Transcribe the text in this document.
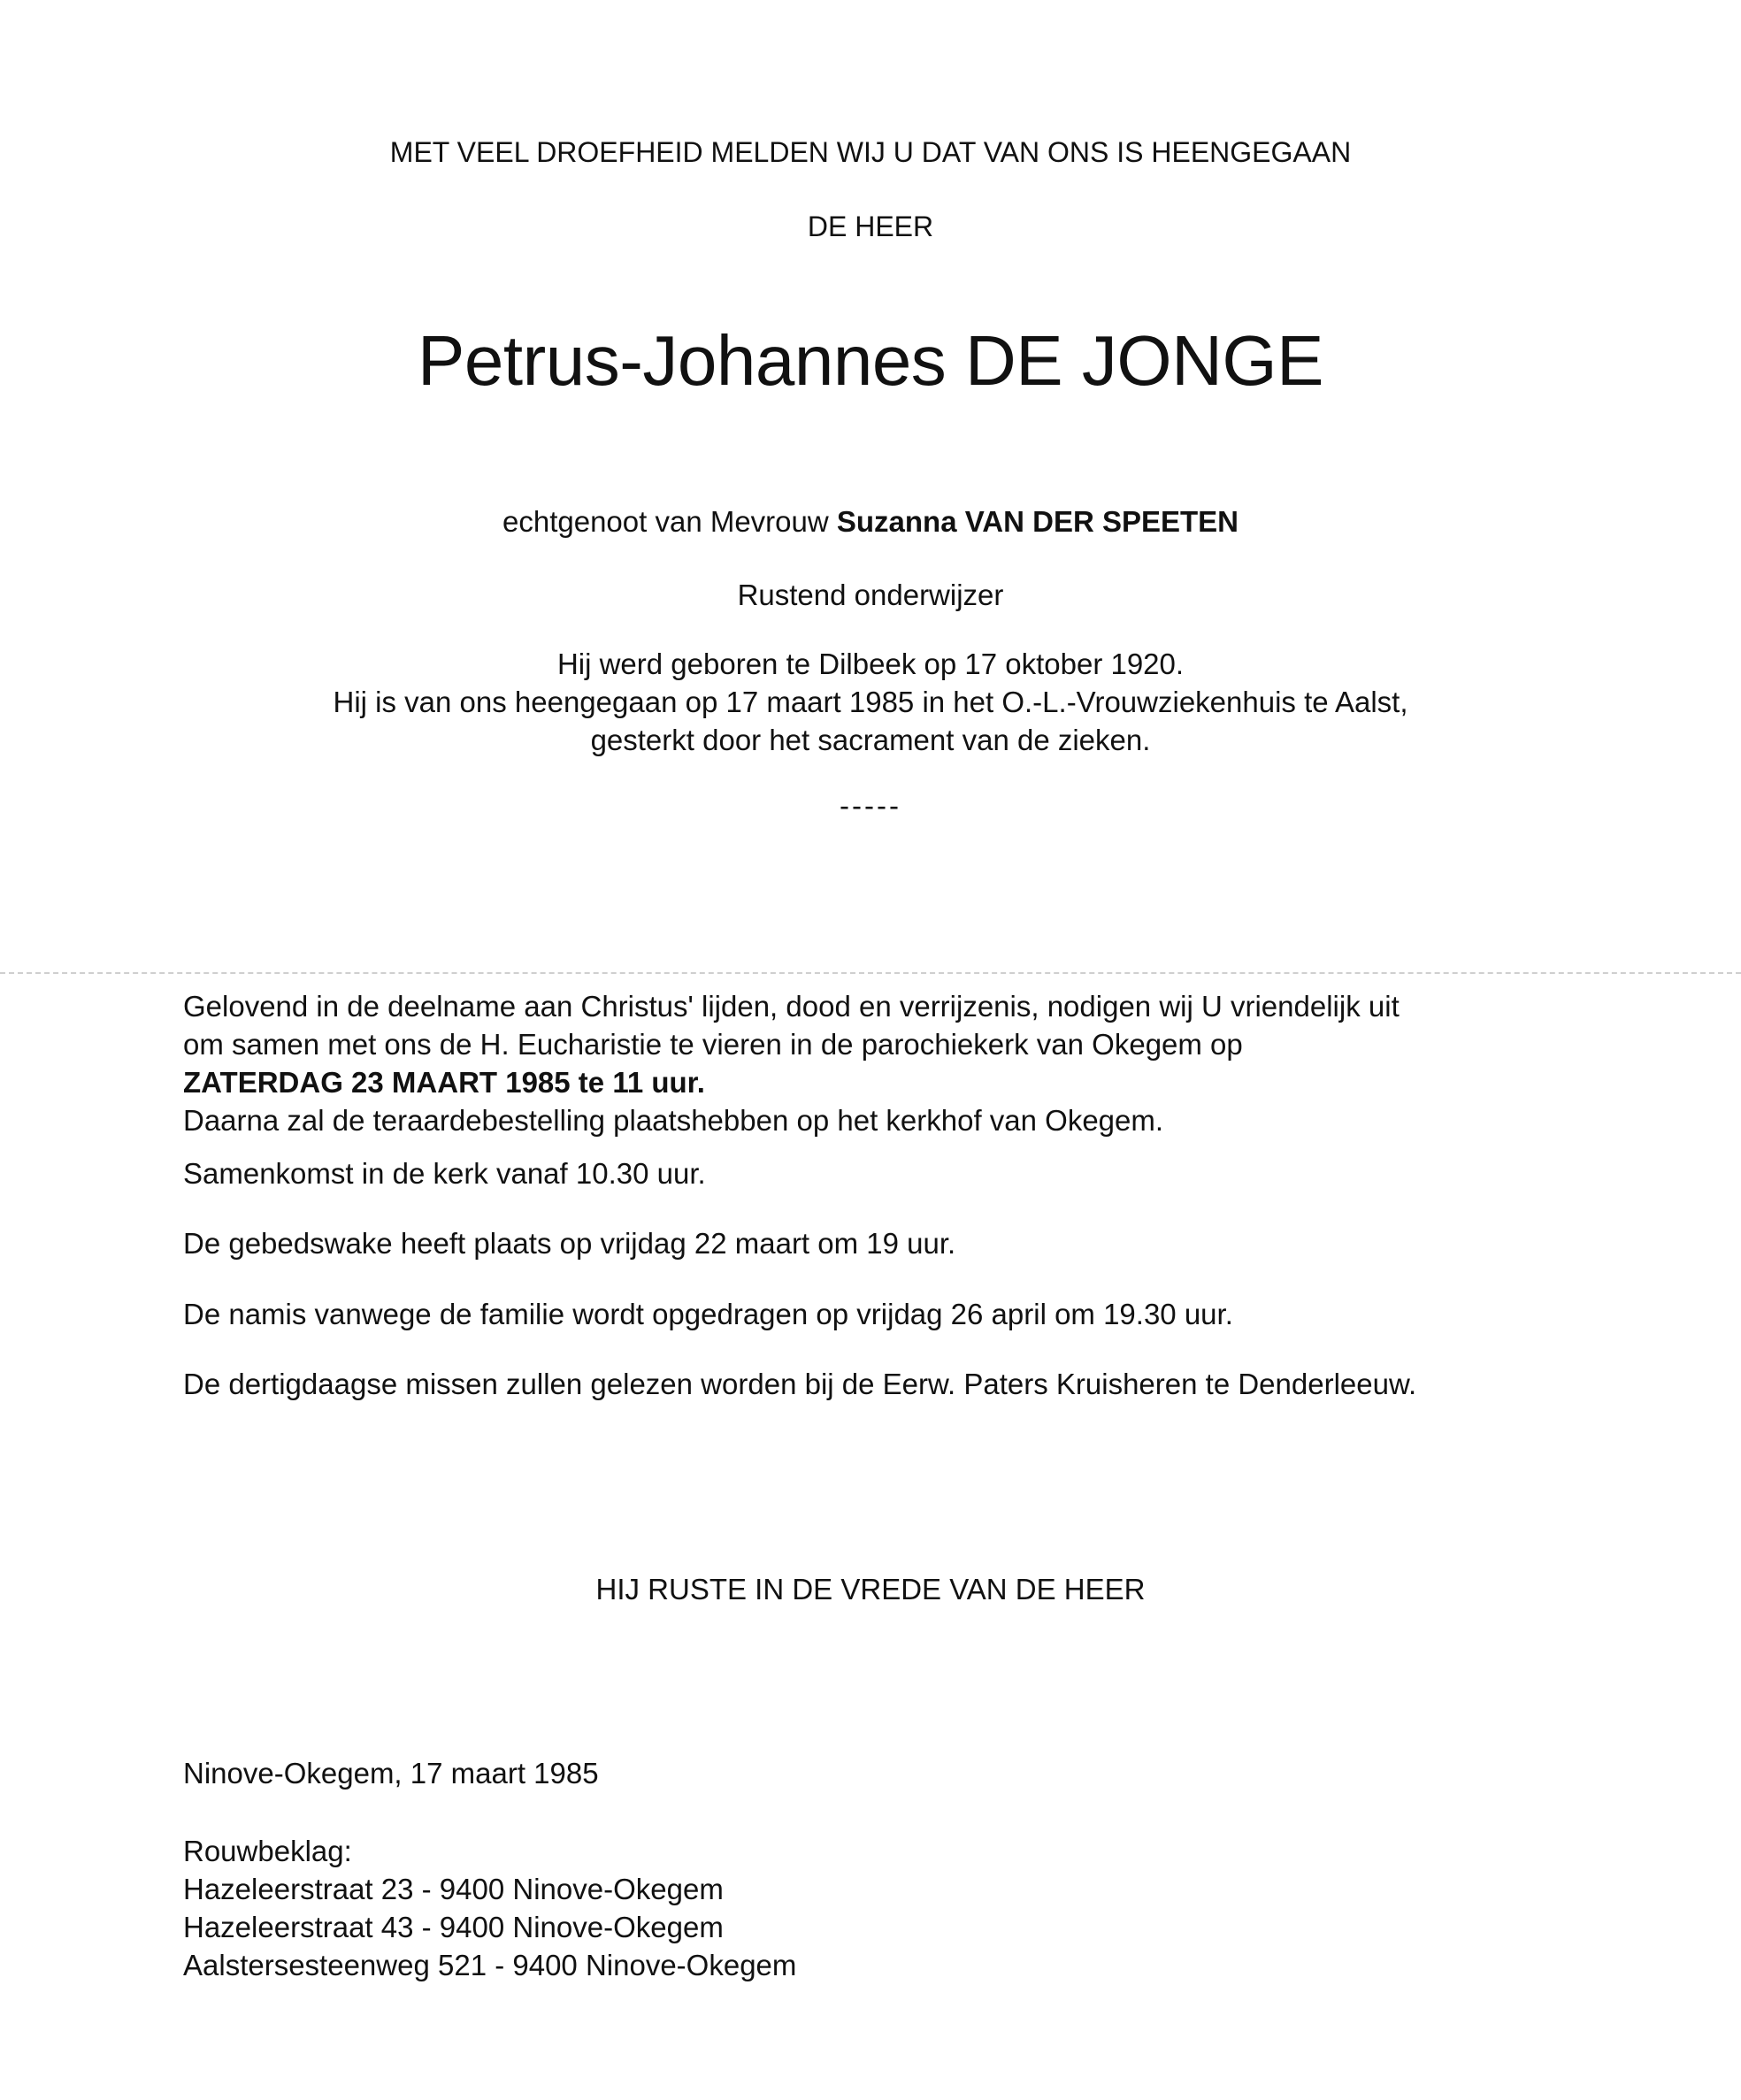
MET VEEL DROEFHEID MELDEN WIJ U DAT VAN ONS IS HEENGEGAAN
DE HEER
Petrus-Johannes DE JONGE
echtgenoot van Mevrouw Suzanna VAN DER SPEETEN
Rustend onderwijzer
Hij werd geboren te Dilbeek op 17 oktober 1920.
Hij is van ons heengegaan op 17 maart 1985 in het O.-L.-Vrouwziekenhuis te Aalst,
gesterkt door het sacrament van de zieken.
-----
Gelovend in de deelname aan Christus' lijden, dood en verrijzenis, nodigen wij U vriendelijk uit
om samen met ons de H. Eucharistie te vieren in de parochiekerk van Okegem op
ZATERDAG 23 MAART 1985 te 11 uur.
Daarna zal de teraardebestelling plaatshebben op het kerkhof van Okegem.
Samenkomst in de kerk vanaf 10.30 uur.
De gebedswake heeft plaats op vrijdag 22 maart om 19 uur.
De namis vanwege de familie wordt opgedragen op vrijdag 26 april om 19.30 uur.
De dertigdaagse missen zullen gelezen worden bij de Eerw. Paters Kruisheren te Denderleeuw.
HIJ RUSTE IN DE VREDE VAN DE HEER
Ninove-Okegem, 17 maart 1985
Rouwbeklag:
Hazeleerstraat 23 - 9400 Ninove-Okegem
Hazeleerstraat 43 - 9400 Ninove-Okegem
Aalstersesteenweg 521 - 9400 Ninove-Okegem
